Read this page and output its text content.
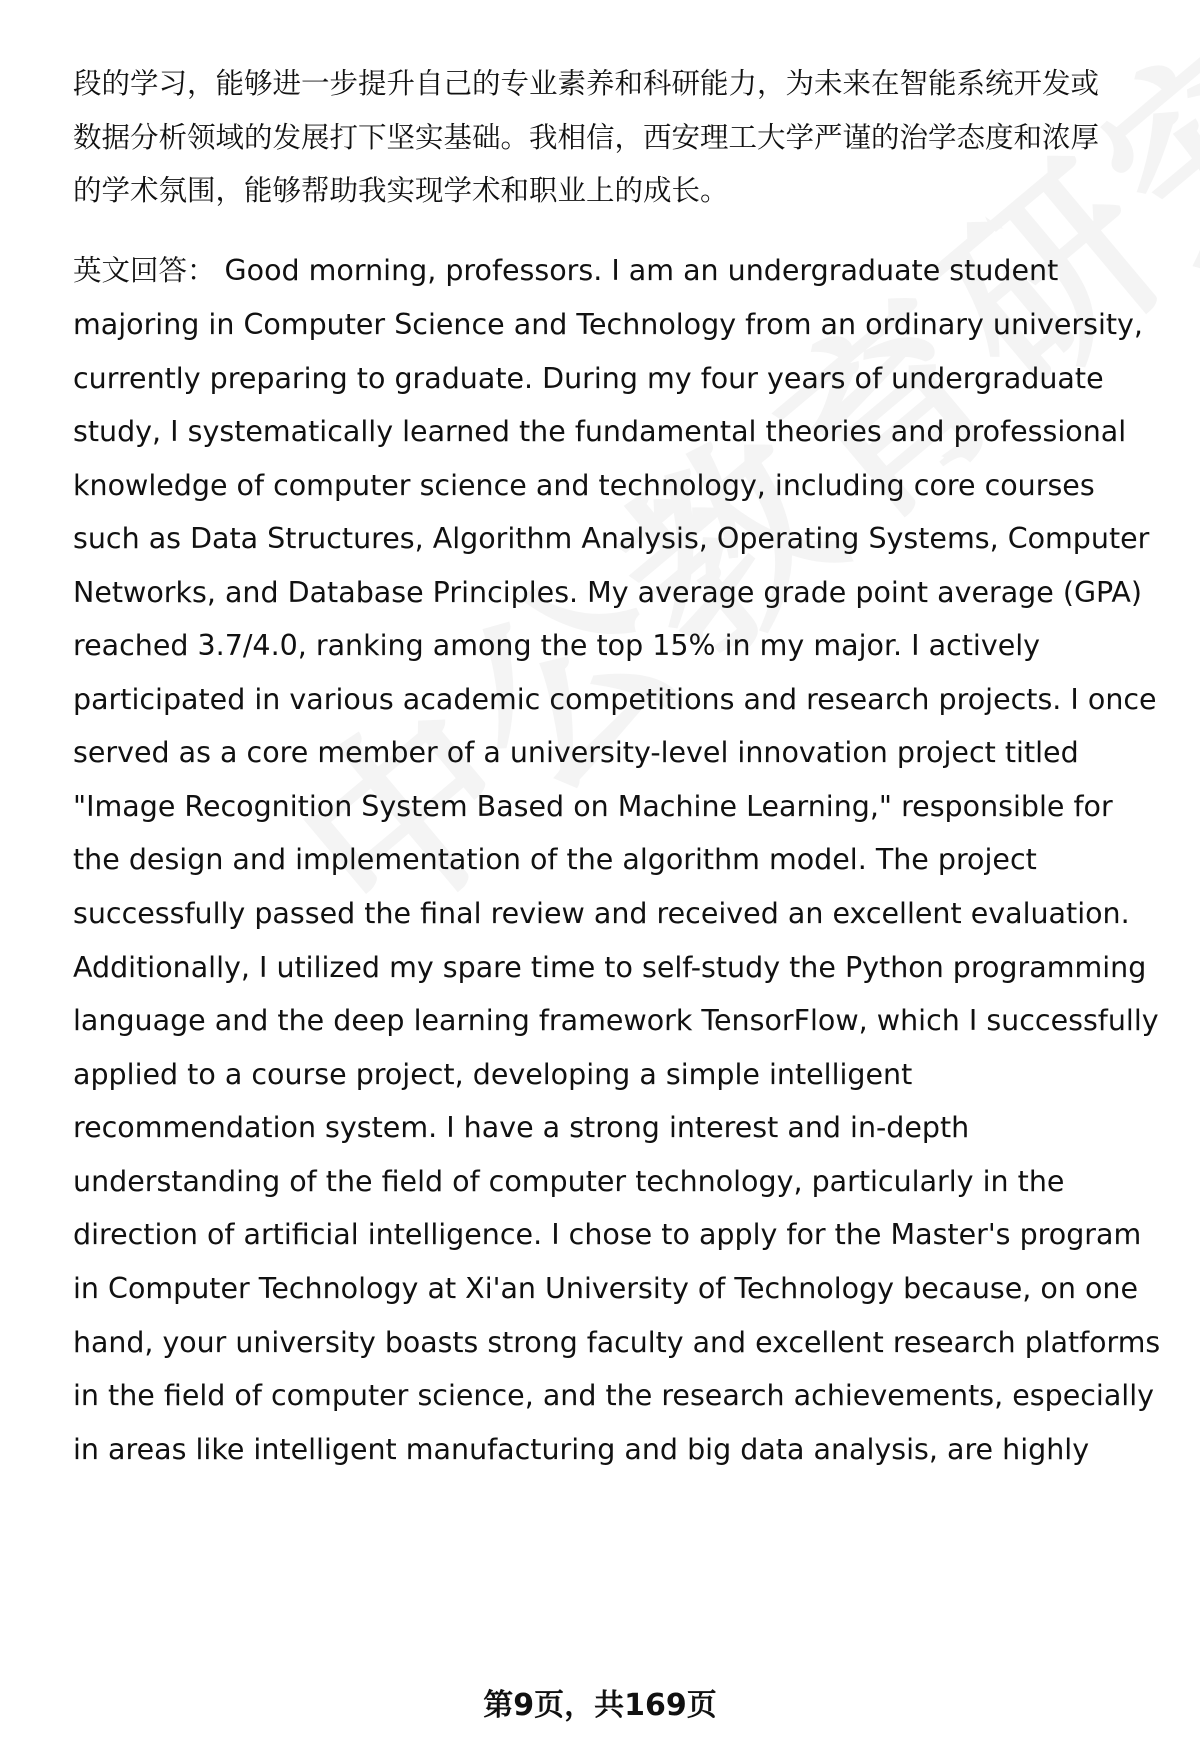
段的学习，能够进一步提升自己的专业素养和科研能力，为未来在智能系统开发或
数据分析领域的发展打下坚实基础。我相信，西安理工大学严谨的治学态度和浓厚
的学术氛围，能够帮助我实现学术和职业上的成长。
英文回答： Good morning, professors. I am an undergraduate student
majoring in Computer Science and Technology from an ordinary university,
currently preparing to graduate. During my four years of undergraduate
study, I systematically learned the fundamental theories and professional
knowledge of computer science and technology, including core courses
such as Data Structures, Algorithm Analysis, Operating Systems, Computer
Networks, and Database Principles. My average grade point average (GPA)
reached 3.7/4.0, ranking among the top 15% in my major. I actively
participated in various academic competitions and research projects. I once
served as a core member of a university-level innovation project titled
"Image Recognition System Based on Machine Learning," responsible for
the design and implementation of the algorithm model. The project
successfully passed the final review and received an excellent evaluation.
Additionally, I utilized my spare time to self-study the Python programming
language and the deep learning framework TensorFlow, which I successfully
applied to a course project, developing a simple intelligent
recommendation system. I have a strong interest and in-depth
understanding of the field of computer technology, particularly in the
direction of artificial intelligence. I chose to apply for the Master's program
in Computer Technology at Xi'an University of Technology because, on one
hand, your university boasts strong faculty and excellent research platforms
in the field of computer science, and the research achievements, especially
in areas like intelligent manufacturing and big data analysis, are highly
第9页，共169页
